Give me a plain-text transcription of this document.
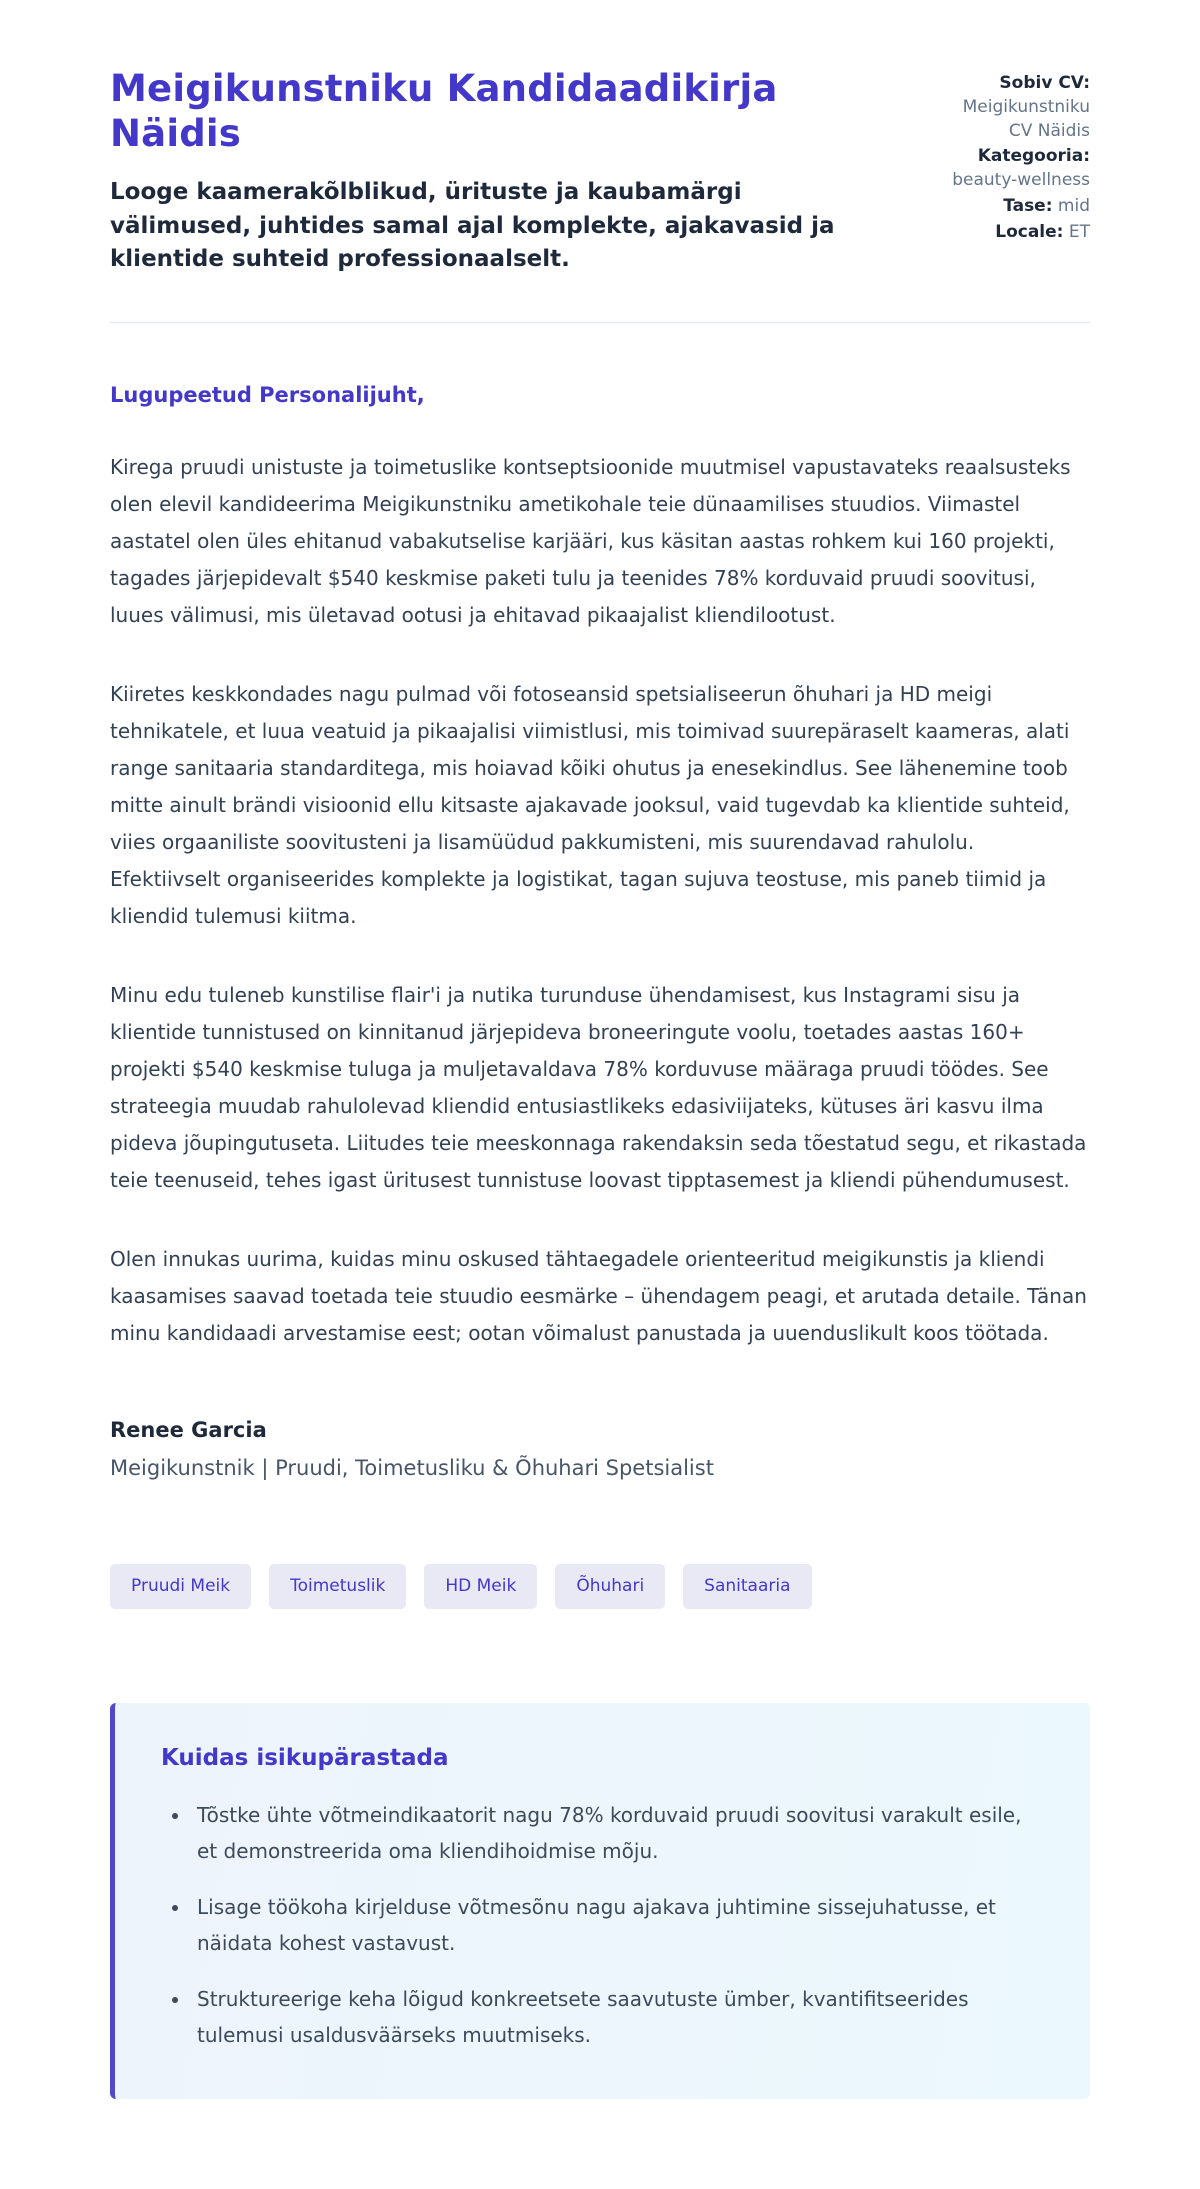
Meigikunstniku Kandidaadikirja Näidis

Looge kaamerakõlblikud, ürituste ja kaubamärgi välimused, juhtides samal ajal komplekte, ajakavasid ja klientide suhteid professionaalselt.

Sobiv CV: Meigikunstniku CV Näidis
Kategooria: beauty-wellness
Tase: mid
Locale: ET

Lugupeetud Personalijuht,

Kirega pruudi unistuste ja toimetuslike kontseptsioonide muutmisel vapustavateks reaalsusteks olen elevil kandideerima Meigikunstniku ametikohale teie dünaamilises stuudios. Viimastel aastatel olen üles ehitanud vabakutselise karjääri, kus käsitan aastas rohkem kui 160 projekti, tagades järjepidevalt $540 keskmise paketi tulu ja teenides 78% korduvaid pruudi soovitusi, luues välimusi, mis ületavad ootusi ja ehitavad pikaajalist kliendilootust.

Kiiretes keskkondades nagu pulmad või fotoseansid spetsialiseerun õhuhari ja HD meigi tehnikatele, et luua veatuid ja pikaajalisi viimistlusi, mis toimivad suurepäraselt kaameras, alati range sanitaaria standarditega, mis hoiavad kõiki ohutus ja enesekindlus. See lähenemine toob mitte ainult brändi visioonid ellu kitsaste ajakavade jooksul, vaid tugevdab ka klientide suhteid, viies orgaaniliste soovitusteni ja lisamüüdud pakkumisteni, mis suurendavad rahulolu. Efektiivselt organiseerides komplekte ja logistikat, tagan sujuva teostuse, mis paneb tiimid ja kliendid tulemusi kiitma.

Minu edu tuleneb kunstilise flair'i ja nutika turunduse ühendamisest, kus Instagrami sisu ja klientide tunnistused on kinnitanud järjepideva broneeringute voolu, toetades aastas 160+ projekti $540 keskmise tuluga ja muljetavaldava 78% korduvuse määraga pruudi töödes. See strateegia muudab rahulolevad kliendid entusiastlikeks edasiviijateks, kütuses äri kasvu ilma pideva jõupingutuseta. Liitudes teie meeskonnaga rakendaksin seda tõestatud segu, et rikastada teie teenuseid, tehes igast üritusest tunnistuse loovast tipptasemest ja kliendi pühendumusest.

Olen innukas uurima, kuidas minu oskused tähtaegadele orienteeritud meigikunstis ja kliendi kaasamises saavad toetada teie stuudio eesmärke – ühendagem peagi, et arutada detaile. Tänan minu kandidaadi arvestamise eest; ootan võimalust panustada ja uuenduslikult koos töötada.

Renee Garcia
Meigikunstnik | Pruudi, Toimetusliku & Õhuhari Spetsialist
Pruudi Meik	Toimetuslik	HD Meik	Õhuhari	Sanitaaria
Kuidas isikupärastada
• Tõstke ühte võtmeindikaatorit nagu 78% korduvaid pruudi soovitusi varakult esile, et demonstreerida oma kliendihoidmise mõju.
• Lisage töökoha kirjelduse võtmesõnu nagu ajakava juhtimine sissejuhatusse, et näidata kohest vastavust.
• Struktureerige keha lõigud konkreetsete saavutuste ümber, kvantifitseerides tulemusi usaldusväärseks muutmiseks.
